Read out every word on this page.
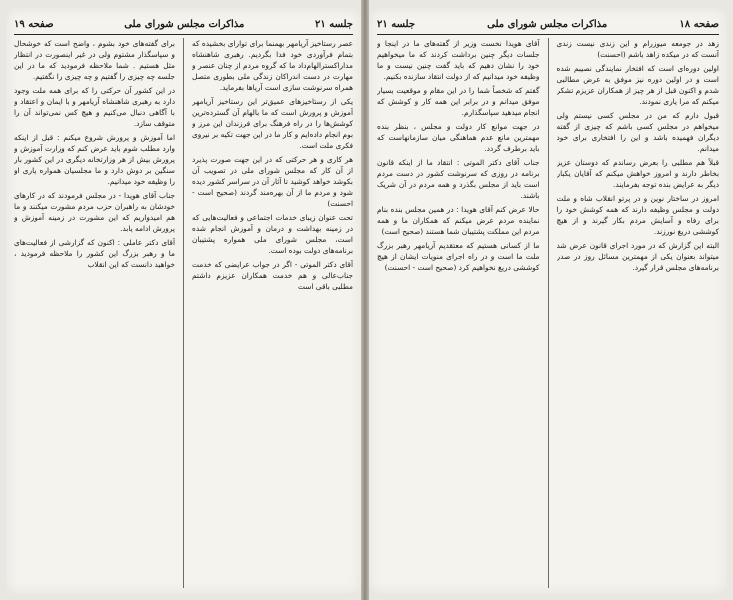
جلسه ۲۱
مذاکرات مجلس شورای ملی
صفحه ۱۹

عصر رستاخیز آریامهر بهمنما برای توارای بخشیده که بتمام فرآوردی خود فدا بگردیم. رهبری شاهنشاه مداراکسترالهام‌داد ما که گروه مردم از چنان عنصر و مهارت در دست اندراکان زندگی ملی بطوری متصل همراه سرنوشت سازی است آریاها بفرماید.

یکی از رستاخیزهای عمیق‌تر این رستاخیز آریامهر آموزش و پرورش است که ما بالهام آن گسترده‌ترین کوشش‌ها را در راه فرهنگ برای فرزندان این مرز و بوم انجام داده‌ایم و کار ما در این جهت تکیه بر نیروی فکری ملت است.

هر کاری و هر حرکتی که در این جهت صورت پذیرد از آن کار که مجلس شورای ملی در تصویب آن بکوشد خواهد کوشید تا آثار آن در سراسر کشور دیده شود و مردم ما از آن بهره‌مند گردند (صحیح است - احسنت)

تحت عنوان زیبای خدمات اجتماعی و فعالیت‌هایی که در زمینه بهداشت و درمان و آموزش انجام شده است، مجلس شورای ملی همواره پشتیبان برنامه‌های دولت بوده است.

آقای دکتر الموتی - اگر در جواب عرایضی که خدمت جناب‌عالی و هم خدمت همکاران عزیزم داشتم مطلبی باقی است

برای گفته‌های خود بشوم ، واضح است که خوشحال و سپاسگذار مشتوم ولی در غیر اینصورت در انتظار مثل هستیم . شما ملاحظه فرمودید که ما در این جلسه چه چیزی را گفتیم و چه چیزی را نگفتیم.

در این کشور آن حرکتی را که برای همه ملت وجود دارد به رهبری شاهنشاه آریامهر و با ایمان و اعتقاد و با آگاهی دنبال می‌کنیم و هیچ کس نمی‌تواند آن را متوقف سازد.

اما آموزش و پرورش شروع میکنم : قبل از اینکه وارد مطلب شوم باید عرض کنم که وزارت آموزش و پرورش بیش از هر وزارتخانه دیگری در این کشور بار سنگین بر دوش دارد و ما مجلسیان همواره یاری او را وظیفه خود میدانیم.

جناب آقای هویدا - در مجلس فرمودند که در کارهای خودشان به راهبران حزب مردم مشورت میکنند و ما هم امیدواریم که این مشورت در زمینه آموزش و پرورش ادامه یابد.

آقای دکتر عاملی : اکنون که گزارشی از فعالیت‌های ما و رهبر بزرگ این کشور را ملاحظه فرمودید ، خواهید دانست که این انقلاب

صفحه ۱۸
مذاکرات مجلس شورای ملی
جلسه ۲۱

زهد در جومعه میوزرام و این زندی نیست زندی آنست که در میکده زاهد باشم (احسنت)

اولین دوره‌ای است که افتخار نمایندگی نصیبم شده است و در اولین دوره نیز موفق به عرض مطالبی شدم و اکنون قبل از هر چیز از همکاران عزیزم تشکر میکنم که مرا یاری نمودند.

قبول دارم که من در مجلس کسی نیستم ولی میخواهم در مجلس کسی باشم که چیزی از گفته دیگران فهمیده باشد و این را افتخاری برای خود میدانم.

قبلاً هم مطلبی را بعرض رساندم که دوستان عزیز بخاطر دارند و امروز خواهش میکنم که آقایان یکبار دیگر به عرایض بنده توجه بفرمایند.

امروز در ساختار نوین و در پرتو انقلاب شاه و ملت دولت و مجلس وظیفه دارند که همه کوشش خود را برای رفاه و آسایش مردم بکار گیرند و از هیچ کوششی دریغ نورزند.

البته این گزارش که در مورد اجرای قانون عرض شد میتواند بعنوان یکی از مهمترین مسائل روز در صدر برنامه‌های مجلس قرار گیرد.

آقای هویدا نخست وزیر از گفته‌های ما در اینجا و جلسات دیگر چنین برداشت کردند که ما میخواهیم خود را نشان دهیم که باید گفت چنین نیست و ما وظیفه خود میدانیم که از دولت انتقاد سازنده بکنیم.

گفتم که شخصاً شما را در این مقام و موقعیت بسیار موفق میدانم و در برابر این همه کار و کوشش که انجام میدهید سپاسگذارم.

در جهت موانع کار دولت و مجلس ، بنظر بنده مهمترین مانع عدم هماهنگی میان سازمانهاست که باید برطرف گردد.

جناب آقای دکتر الموتی : انتقاد ما از اینکه قانون برنامه در روزی که سرنوشت کشور در دست مردم است باید از مجلس بگذرد و همه مردم در آن شریک باشند.

حالا عرض کنم آقای هویدا : در همین مجلس بنده بنام نماینده مردم عرض میکنم که همکاران ما و همه مردم این مملکت پشتیبان شما هستند (صحیح است)

ما از کسانی هستیم که معتقدیم آریامهر رهبر بزرگ ملت ما است و در راه اجرای منویات ایشان از هیچ کوششی دریغ نخواهیم کرد (صحیح است - احسنت)
